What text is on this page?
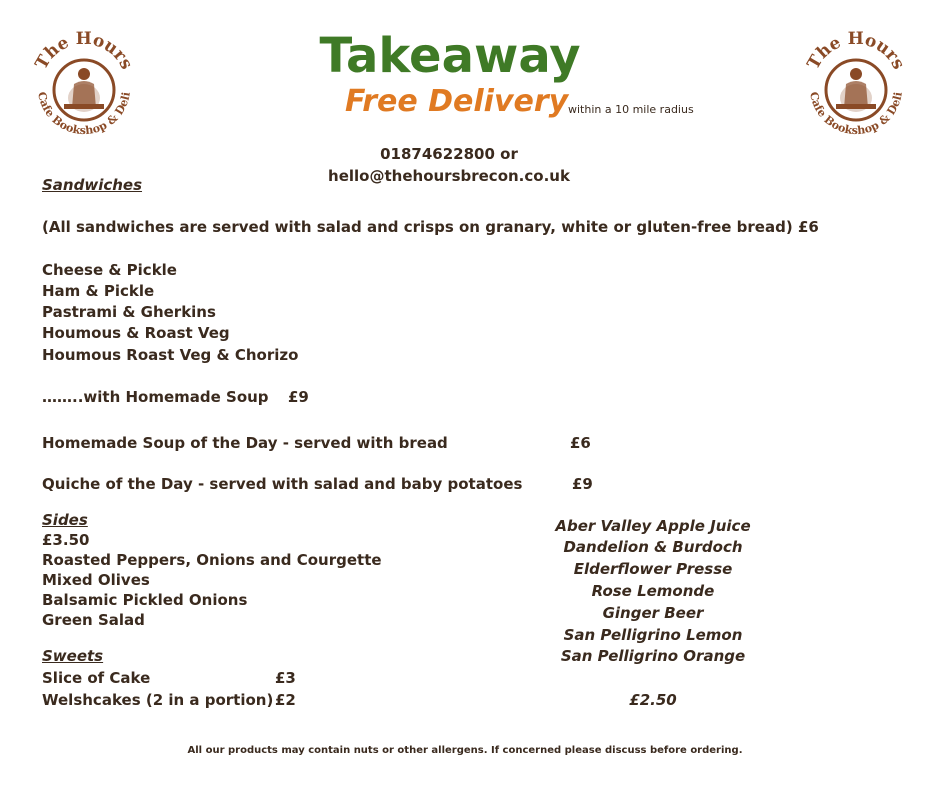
The Hours
Cafe Bookshop & Deli
The Hours
Cafe Bookshop & Deli
Takeaway
Free Delivery within a 10 mile radius
01874622800 or
hello@thehoursbrecon.co.uk
Sandwiches
(All sandwiches are served with salad and crisps on granary, white or gluten-free bread) £6
Cheese & Pickle
Ham & Pickle
Pastrami & Gherkins
Houmous & Roast Veg
Houmous Roast Veg & Chorizo
……..with Homemade Soup £9
Homemade Soup of the Day - served with bread	£6
Quiche of the Day - served with salad and baby potatoes	£9
Sides
£3.50
Roasted Peppers, Onions and Courgette
Mixed Olives
Balsamic Pickled Onions
Green Salad
Sweets
Slice of Cake	£3
Welshcakes (2 in a portion) £2
Aber Valley Apple Juice
Dandelion & Burdoch
Elderflower Presse
Rose Lemonde
Ginger Beer
San Pelligrino Lemon
San Pelligrino Orange
£2.50
All our products may contain nuts or other allergens. If concerned please discuss before ordering.
